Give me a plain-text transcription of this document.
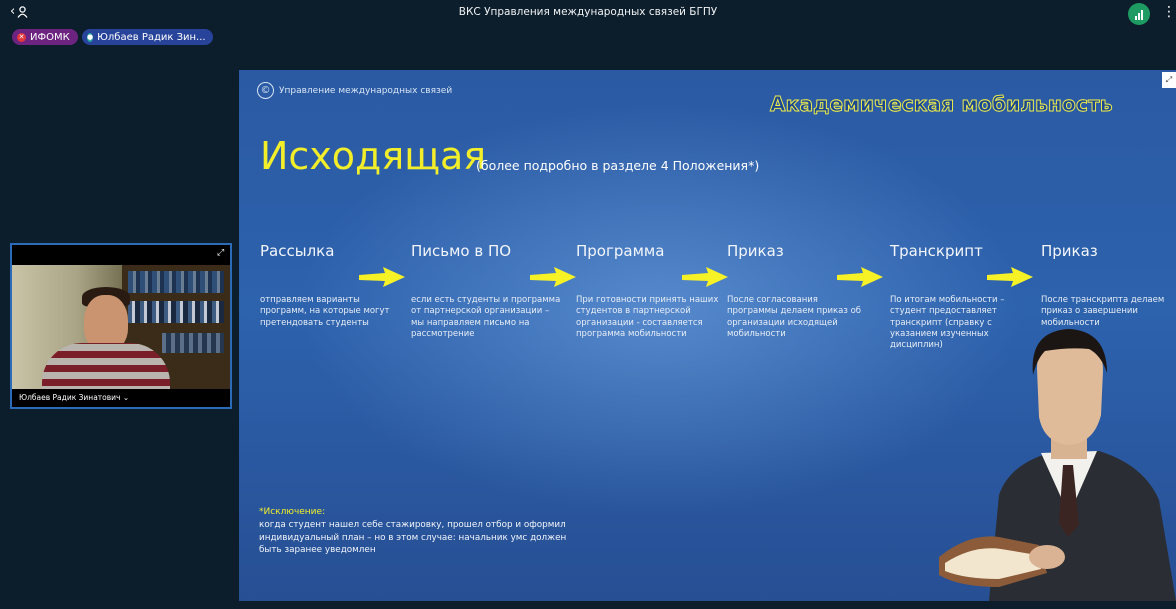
‹	ВКС Управления международных связей БГПУ	⋮
✕ ИФОМК ● Юлбаев Радик Зин...
⤢
Юлбаев Радик Зинатович ⌄
⤢
© Управление международных связей
Академическая мобильность
Исходящая
(более подробно в разделе 4 Положения*)
Рассылка	Письмо в ПО	Программа	Приказ	Транскрипт	Приказ
отправляем варианты программ, на которые могут претендовать студенты
если есть студенты и программа от партнерской организации – мы направляем письмо на рассмотрение
При готовности принять наших студентов в партнерской организации - составляется программа мобильности
После согласования программы делаем приказ об организации исходящей мобильности
По итогам мобильности – студент предоставляет транскрипт (справку с указанием изученных дисциплин)
После транскрипта делаем приказ о завершении мобильности
*Исключение:
когда студент нашел себе стажировку, прошел отбор и оформил индивидуальный план – но в этом случае: начальник умс должен быть заранее уведомлен
